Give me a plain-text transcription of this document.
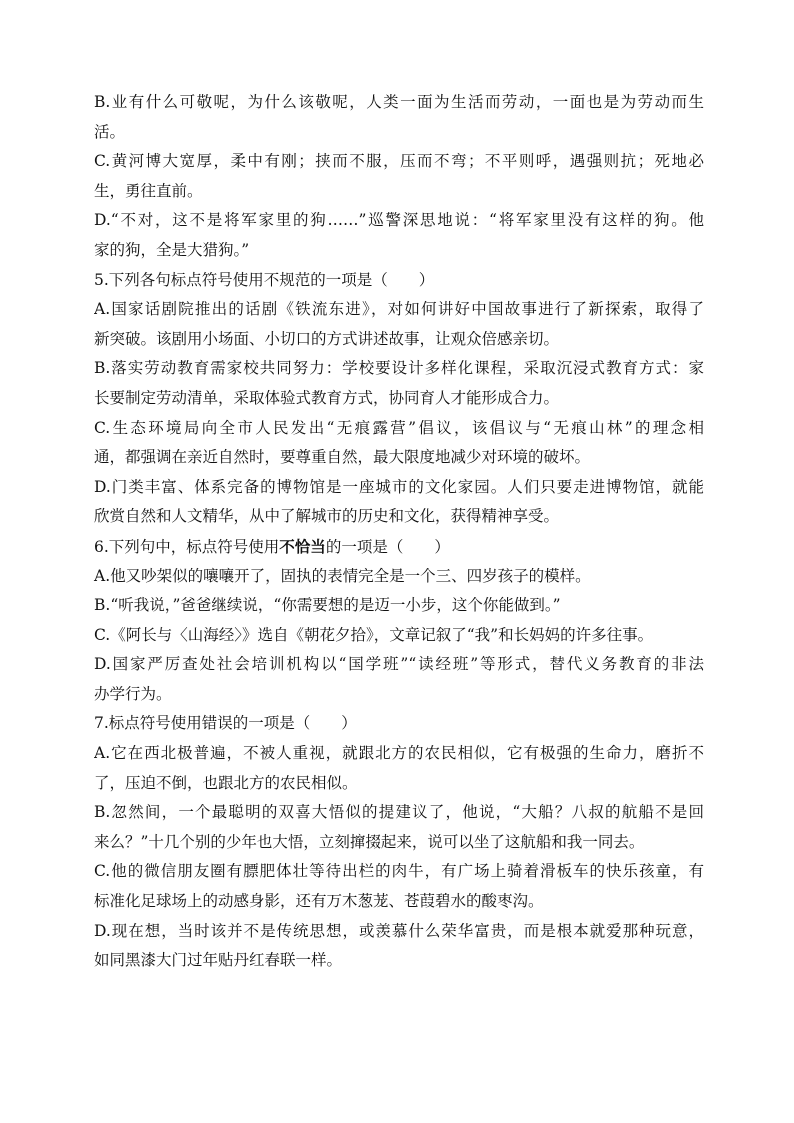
B.业有什么可敬呢，为什么该敬呢，人类一面为生活而劳动，一面也是为劳动而生
活。
C.黄河博大宽厚，柔中有刚；挟而不服，压而不弯；不平则呼，遇强则抗；死地必
生，勇往直前。
D.“不对，这不是将军家里的狗……”巡警深思地说：“将军家里没有这样的狗。他
家的狗，全是大猎狗。”
5.下列各句标点符号使用不规范的一项是（　　）
A.国家话剧院推出的话剧《铁流东进》，对如何讲好中国故事进行了新探索，取得了
新突破。该剧用小场面、小切口的方式讲述故事，让观众倍感亲切。
B.落实劳动教育需家校共同努力：学校要设计多样化课程，采取沉浸式教育方式：家
长要制定劳动清单，采取体验式教育方式，协同育人才能形成合力。
C.生态环境局向全市人民发出“无痕露营”倡议，该倡议与“无痕山林”的理念相
通，都强调在亲近自然时，要尊重自然，最大限度地减少对环境的破坏。
D.门类丰富、体系完备的博物馆是一座城市的文化家园。人们只要走进博物馆，就能
欣赏自然和人文精华，从中了解城市的历史和文化，获得精神享受。
6.下列句中，标点符号使用不恰当的一项是（　　）
A.他又吵架似的嚷嚷开了，固执的表情完全是一个三、四岁孩子的模样。
B.“听我说，”爸爸继续说，“你需要想的是迈一小步，这个你能做到。”
C.《阿长与〈山海经〉》选自《朝花夕拾》，文章记叙了“我”和长妈妈的许多往事。
D.国家严厉查处社会培训机构以“国学班”“读经班”等形式，替代义务教育的非法
办学行为。
7.标点符号使用错误的一项是（　　）
A.它在西北极普遍，不被人重视，就跟北方的农民相似，它有极强的生命力，磨折不
了，压迫不倒，也跟北方的农民相似。
B.忽然间，一个最聪明的双喜大悟似的提建议了，他说，“大船？八叔的航船不是回
来么？”十几个别的少年也大悟，立刻撺掇起来，说可以坐了这航船和我一同去。
C.他的微信朋友圈有膘肥体壮等待出栏的肉牛，有广场上骑着滑板车的快乐孩童，有
标准化足球场上的动感身影，还有万木葱茏、苍葭碧水的酸枣沟。
D.现在想，当时该并不是传统思想，或羡慕什么荣华富贵，而是根本就爱那种玩意，
如同黑漆大门过年贴丹红春联一样。
